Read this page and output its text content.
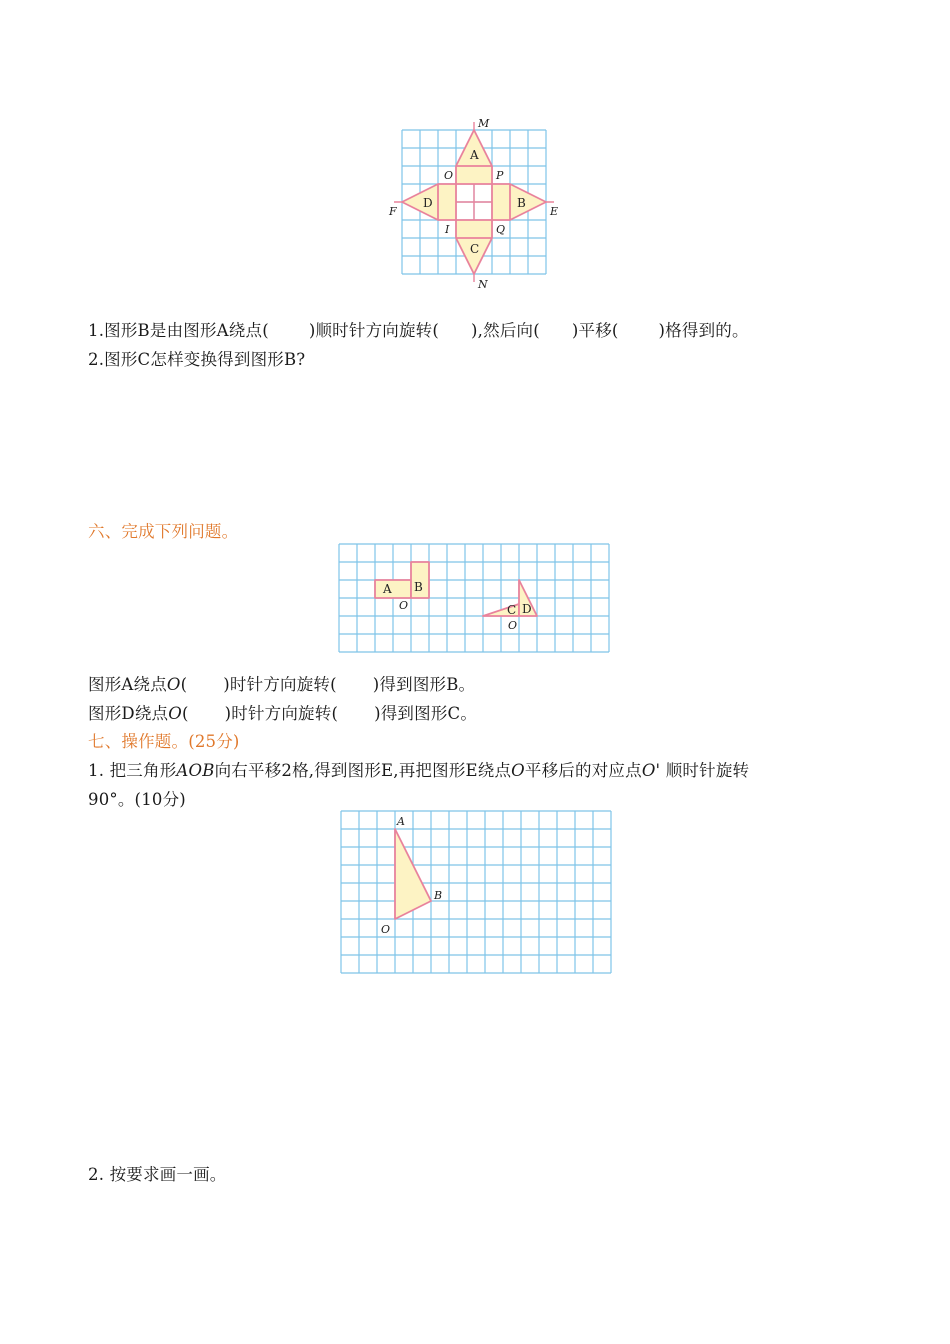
A
B
C
D
M
N
E
F
O	P
I	Q
1.图形B是由图形A绕点( )顺时针方向旋转( ),然后向( )平移( )格得到的。
2.图形C怎样变换得到图形B?
六、完成下列问题。
A B
C D
O
O
图形A绕点O( )时针方向旋转( )得到图形B。
图形D绕点O( )时针方向旋转( )得到图形C。
七、操作题。(25分)
1. 把三角形AOB向右平移2格,得到图形E,再把图形E绕点O平移后的对应点O' 顺时针旋转
90°。(10分)
A
B
O
2. 按要求画一画。
